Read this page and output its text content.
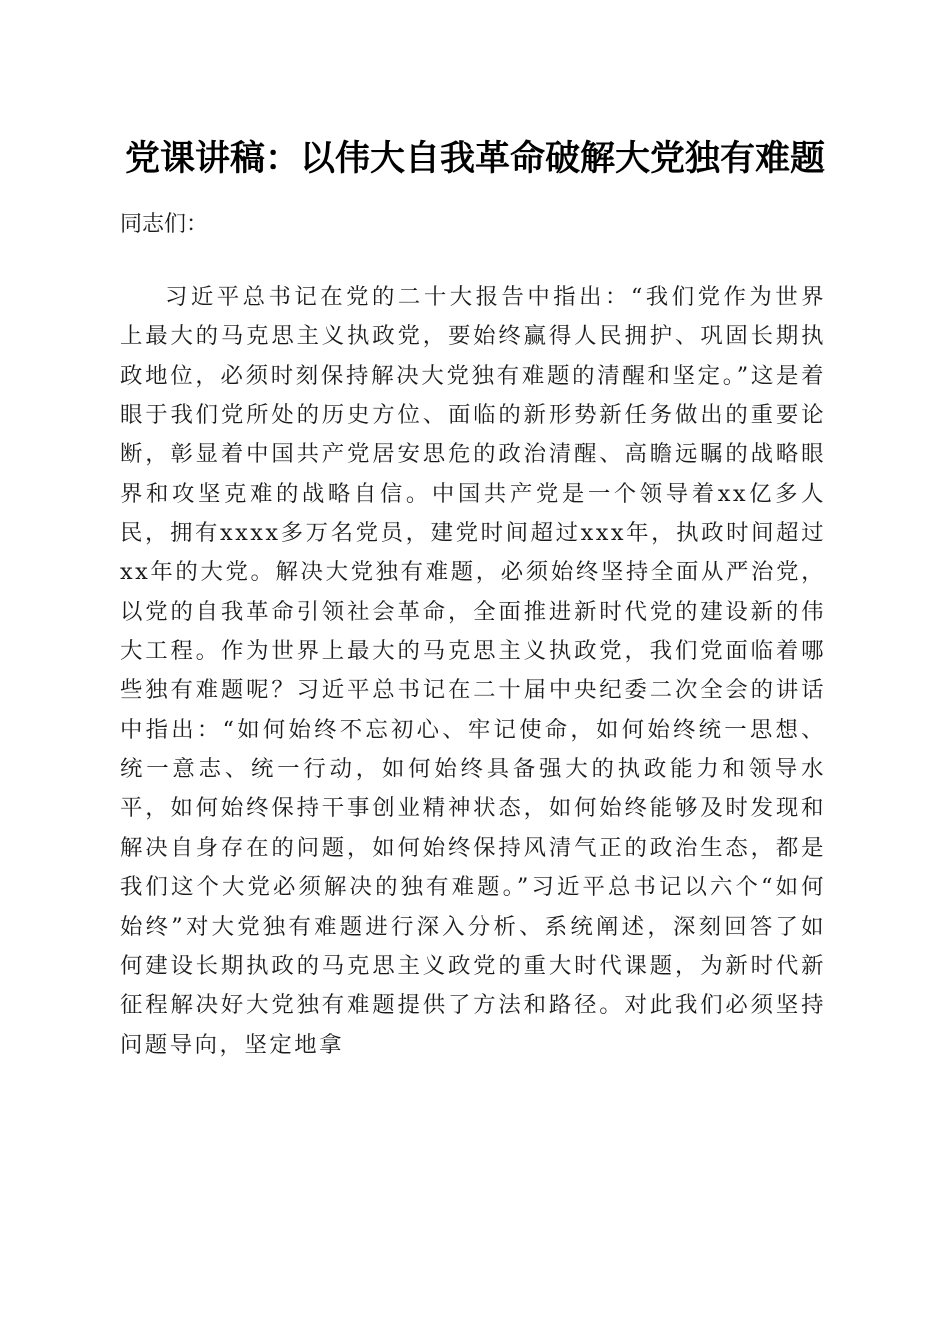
党课讲稿：以伟大自我革命破解大党独有难题

同志们：

习近平总书记在党的二十大报告中指出：“我们党作为世界上最大的马克思主义执政党，要始终赢得人民拥护、巩固长期执政地位，必须时刻保持解决大党独有难题的清醒和坚定。”这是着眼于我们党所处的历史方位、面临的新形势新任务做出的重要论断，彰显着中国共产党居安思危的政治清醒、高瞻远瞩的战略眼界和攻坚克难的战略自信。中国共产党是一个领导着xx亿多人民，拥有xxxx多万名党员，建党时间超过xxx年，执政时间超过xx年的大党。解决大党独有难题，必须始终坚持全面从严治党，以党的自我革命引领社会革命，全面推进新时代党的建设新的伟大工程。作为世界上最大的马克思主义执政党，我们党面临着哪些独有难题呢？习近平总书记在二十届中央纪委二次全会的讲话中指出：“如何始终不忘初心、牢记使命，如何始终统一思想、统一意志、统一行动，如何始终具备强大的执政能力和领导水平，如何始终保持干事创业精神状态，如何始终能够及时发现和解决自身存在的问题，如何始终保持风清气正的政治生态，都是我们这个大党必须解决的独有难题。”习近平总书记以六个“如何始终”对大党独有难题进行深入分析、系统阐述，深刻回答了如何建设长期执政的马克思主义政党的重大时代课题，为新时代新征程解决好大党独有难题提供了方法和路径。对此我们必须坚持问题导向，坚定地拿
